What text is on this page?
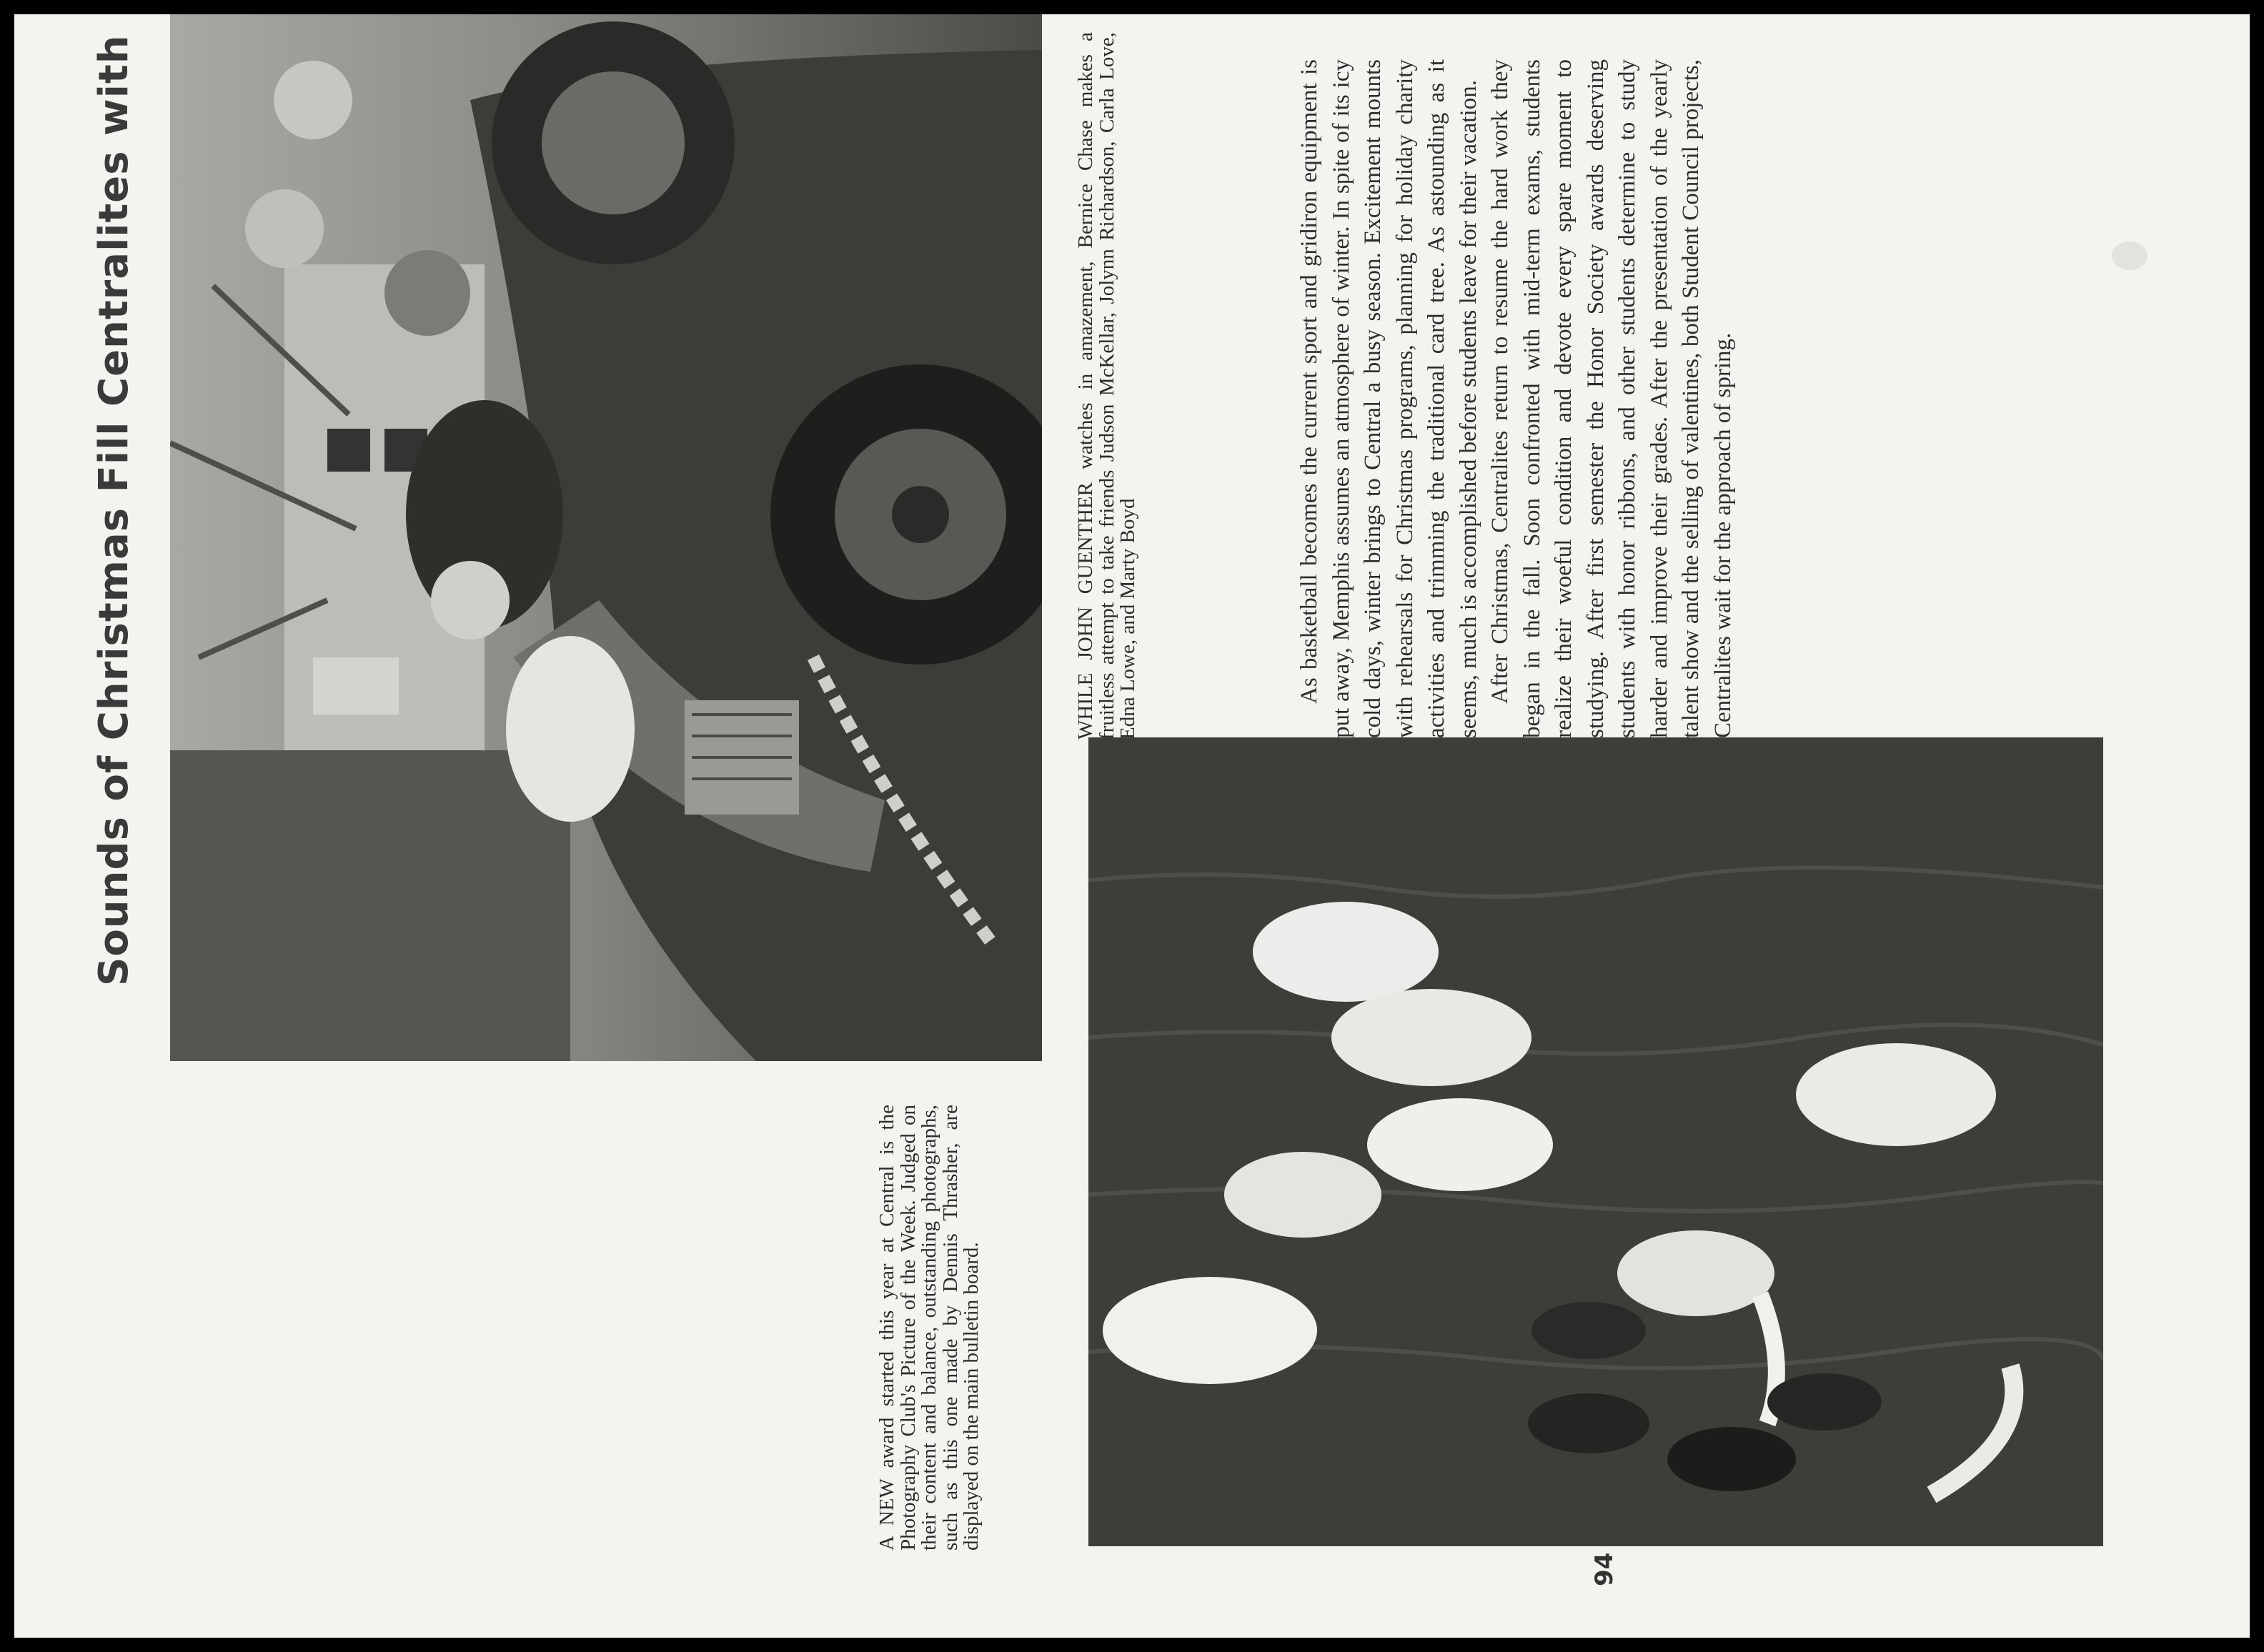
Sounds of Christmas Fill Centralites with	WHILE JOHN GUENTHER watches in amazement, Bernice Chase makes a fruitless attempt to take friends Judson McKellar, Jolynn Richardson, Carla Love, Edna Lowe, and Marty Boyd
A NEW award started this year at Central is the Photography Club's Picture of the Week. Judged on their content and balance, outstanding photographs, such as this one made by Dennis Thrasher, are displayed on the main bulletin board.

As basketball becomes the current sport and gridiron equipment is put away, Memphis assumes an atmosphere of winter. In spite of its icy cold days, winter brings to Central a busy season. Excitement mounts with rehearsals for Christmas programs, planning for holiday charity activities and trimming the traditional card tree. As astounding as it seems, much is accomplished before students leave for their vacation. After Christmas, Centralites return to resume the hard work they began in the fall. Soon confronted with mid-term exams, students realize their woeful condition and devote every spare moment to studying. After first semester the Honor Society awards deserving students with honor ribbons, and other students determine to study harder and improve their grades. After the presentation of the yearly talent show and the selling of valentines, both Student Council projects, Centralites wait for the approach of spring.

94
